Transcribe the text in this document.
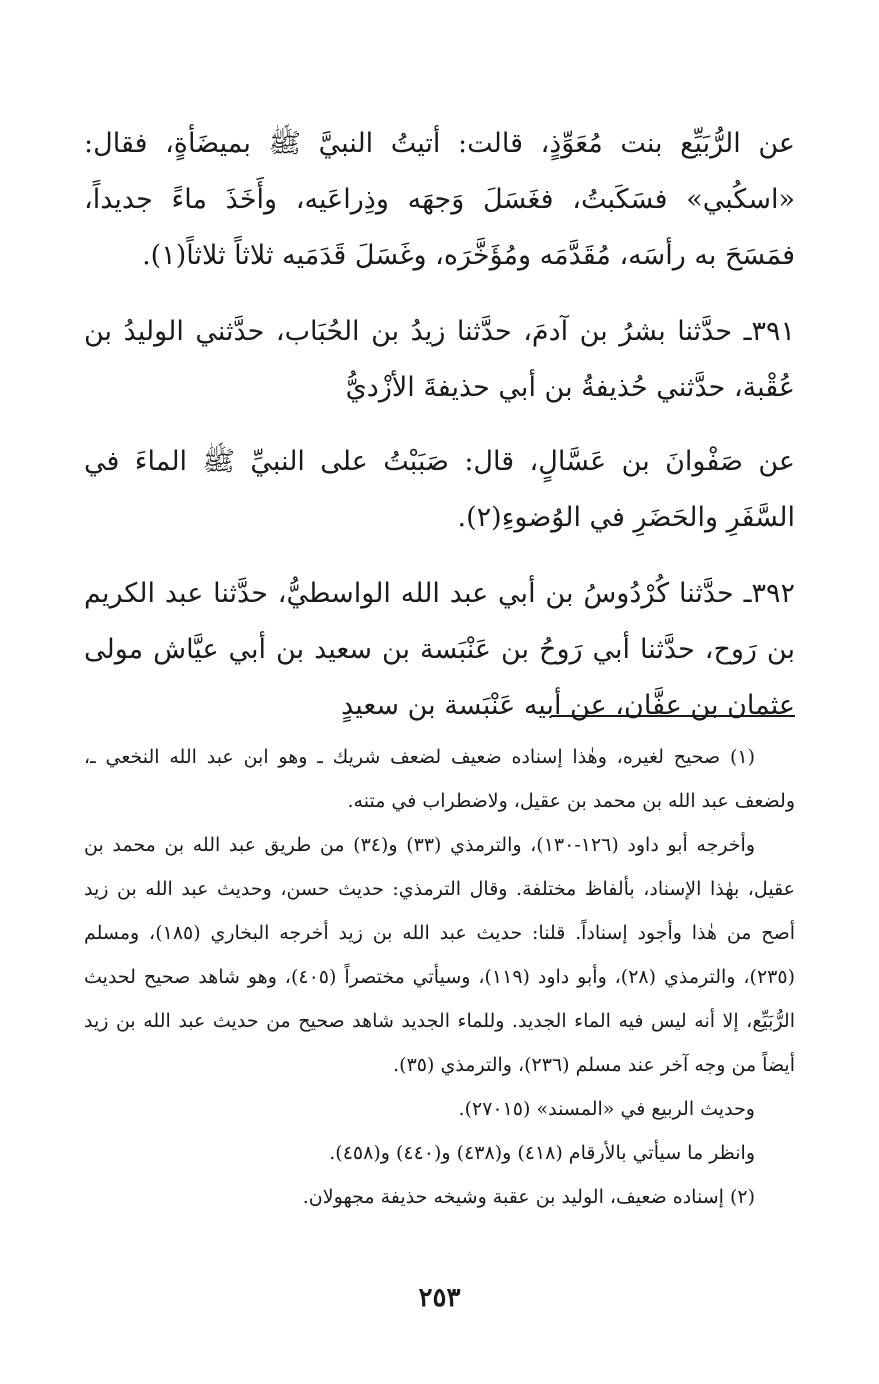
عن الرُّبَيِّع بنت مُعَوِّذٍ، قالت: أتيتُ النبيَّ ﷺ بميضَأةٍ، فقال: «اسكُبي» فسَكَبتُ، فغَسَلَ وَجهَه وذِراعَيه، وأَخَذَ ماءً جديداً، فمَسَحَ به رأسَه، مُقَدَّمَه ومُؤَخَّرَه، وغَسَلَ قَدَمَيه ثلاثاً ثلاثاً(١).

٣٩١ـ حدَّثنا بشرُ بن آدمَ، حدَّثنا زيدُ بن الحُبَاب، حدَّثني الوليدُ بن عُقْبة، حدَّثني حُذيفةُ بن أبي حذيفةَ الأزْديُّ

عن صَفْوانَ بن عَسَّالٍ، قال: صَبَبْتُ على النبيِّ ﷺ الماءَ في السَّفَرِ والحَضَرِ في الوُضوءِ(٢).

٣٩٢ـ حدَّثنا كُرْدُوسُ بن أبي عبد الله الواسطيُّ، حدَّثنا عبد الكريم بن رَوح، حدَّثنا أبي رَوحُ بن عَنْبَسة بن سعيد بن أبي عيَّاش مولى عثمان بن عفَّان، عن أبيه عَنْبَسة بن سعيدٍ

(١) صحيح لغيره، وهٰذا إسناده ضعيف لضعف شريك ـ وهو ابن عبد الله النخعي ـ، ولضعف عبد الله بن محمد بن عقيل، ولاضطراب في متنه.

وأخرجه أبو داود (١٢٦-١٣٠)، والترمذي (٣٣) و(٣٤) من طريق عبد الله بن محمد بن عقيل، بهٰذا الإسناد، بألفاظ مختلفة. وقال الترمذي: حديث حسن، وحديث عبد الله بن زيد أصح من هٰذا وأجود إسناداً. قلنا: حديث عبد الله بن زيد أخرجه البخاري (١٨٥)، ومسلم (٢٣٥)، والترمذي (٢٨)، وأبو داود (١١٩)، وسيأتي مختصراً (٤٠٥)، وهو شاهد صحيح لحديث الرُّبَيِّع، إلا أنه ليس فيه الماء الجديد. وللماء الجديد شاهد صحيح من حديث عبد الله بن زيد أيضاً من وجه آخر عند مسلم (٢٣٦)، والترمذي (٣٥).

وحديث الربيع في «المسند» (٢٧٠١٥).

وانظر ما سيأتي بالأرقام (٤١٨) و(٤٣٨) و(٤٤٠) و(٤٥٨).

(٢) إسناده ضعيف، الوليد بن عقبة وشيخه حذيفة مجهولان.

٢٥٣
